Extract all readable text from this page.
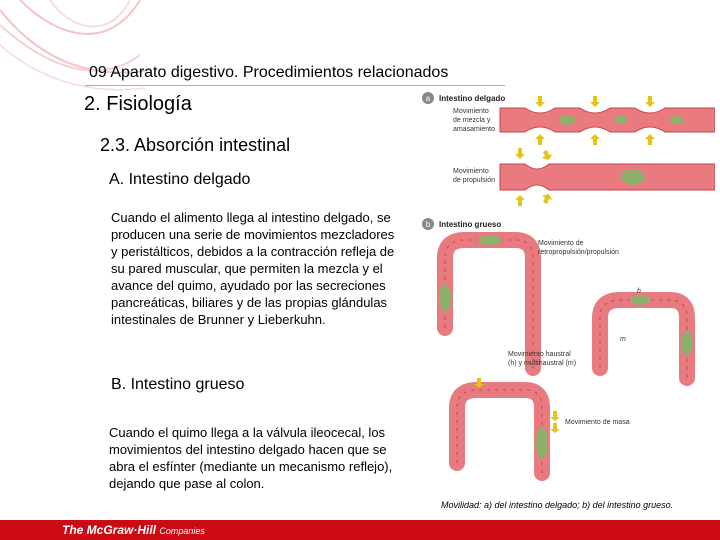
09 Aparato digestivo. Procedimientos relacionados
2. Fisiología
2.3. Absorción intestinal
A. Intestino delgado
Cuando el alimento llega al intestino delgado, se producen una serie de movimientos mezcladores y peristálticos, debidos a la contracción refleja de su pared muscular, que permiten la mezcla y el avance del quimo, ayudado por las secreciones pancreáticas, biliares y de las propias glándulas intestinales de Brunner y Lieberkuhn.
B. Intestino grueso
Cuando el quimo llega a la válvula ileocecal, los movimientos del intestino delgado hacen que se abra el esfínter (mediante un mecanismo reflejo), dejando que pase al colon.
a Intestino delgado
Movimiento
de mezcla y
amasamiento
Movimiento
de propulsión
b Intestino grueso
Movimiento de
retropropulsión/propulsión
h
m
Movimiento haustral
(h) y multihaustral (m)
Movimiento de masa
Movilidad: a) del intestino delgado; b) del intestino grueso.
The McGraw·Hill Companies
